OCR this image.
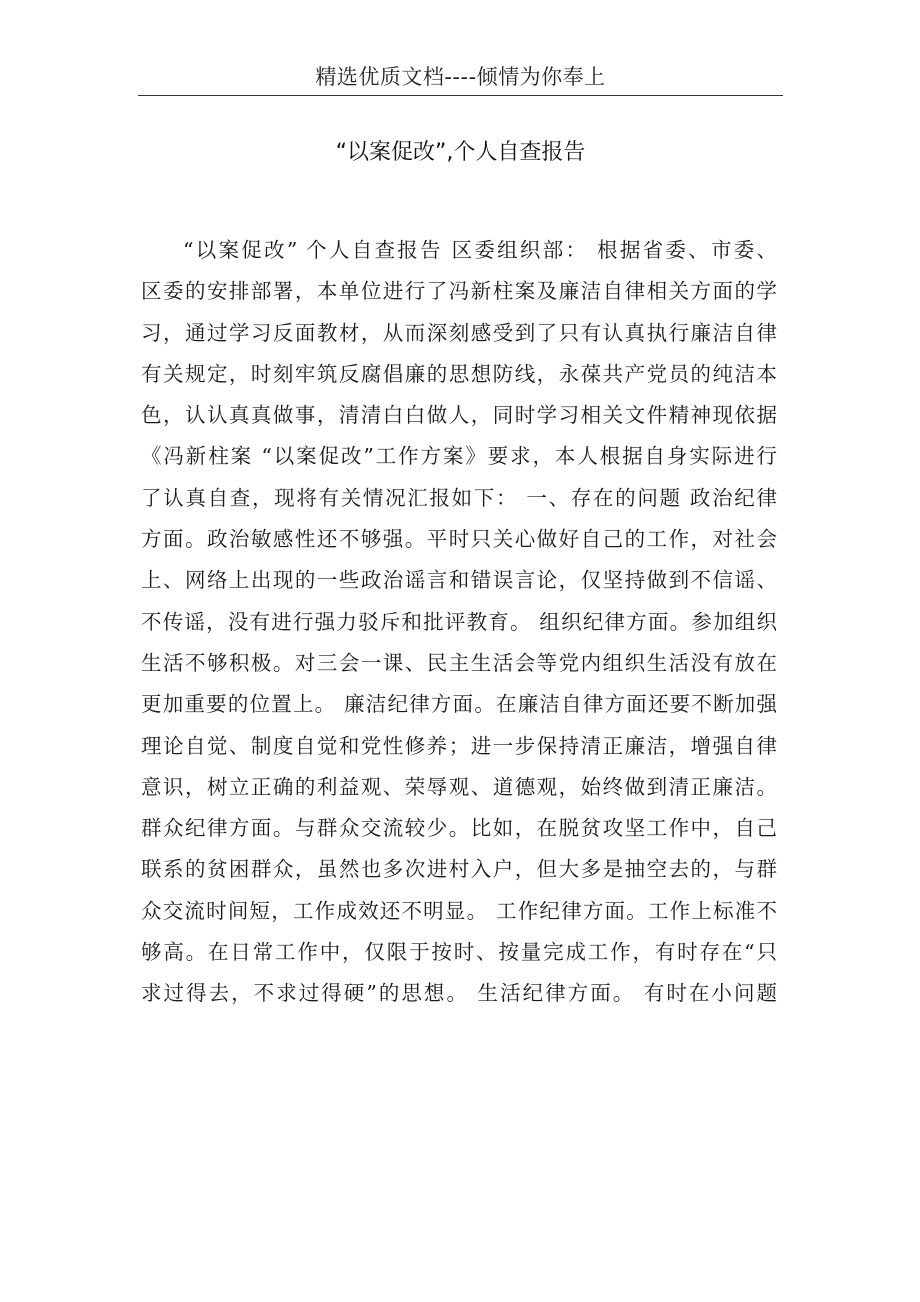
精选优质文档----倾情为你奉上
“以案促改”,个人自查报告
“以案促改” 个人自查报告 区委组织部： 根据省委、市委、
区委的安排部署，本单位进行了冯新柱案及廉洁自律相关方面的学
习，通过学习反面教材，从而深刻感受到了只有认真执行廉洁自律
有关规定，时刻牢筑反腐倡廉的思想防线，永葆共产党员的纯洁本
色，认认真真做事，清清白白做人，同时学习相关文件精神现依据
《冯新柱案 “以案促改”工作方案》要求，本人根据自身实际进行
了认真自查，现将有关情况汇报如下： 一、存在的问题 政治纪律
方面。政治敏感性还不够强。平时只关心做好自己的工作，对社会
上、网络上出现的一些政治谣言和错误言论，仅坚持做到不信谣、
不传谣，没有进行强力驳斥和批评教育。 组织纪律方面。参加组织
生活不够积极。对三会一课、民主生活会等党内组织生活没有放在
更加重要的位置上。 廉洁纪律方面。在廉洁自律方面还要不断加强
理论自觉、制度自觉和党性修养；进一步保持清正廉洁，增强自律
意识，树立正确的利益观、荣辱观、道德观，始终做到清正廉洁。
群众纪律方面。与群众交流较少。比如，在脱贫攻坚工作中，自己
联系的贫困群众，虽然也多次进村入户，但大多是抽空去的，与群
众交流时间短，工作成效还不明显。 工作纪律方面。工作上标准不
够高。在日常工作中，仅限于按时、按量完成工作，有时存在“只
求过得去，不求过得硬”的思想。 生活纪律方面。 有时在小问题
